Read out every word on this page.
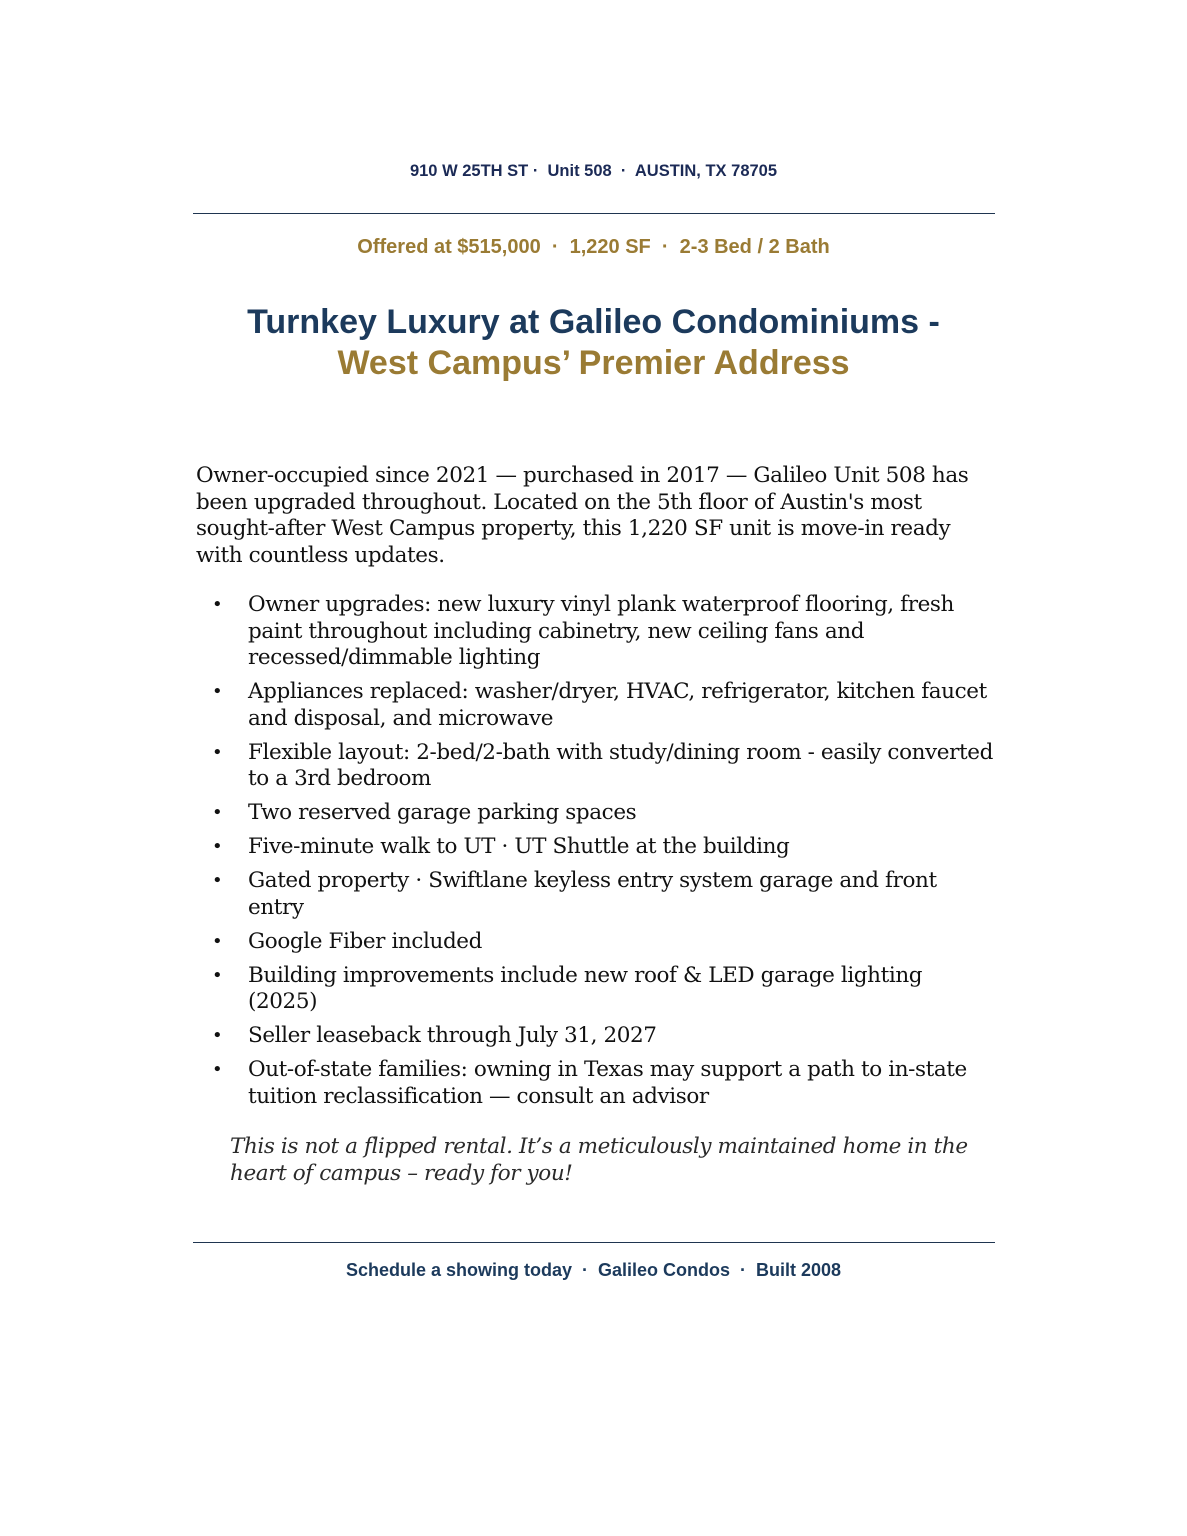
910 W 25TH ST ·  Unit 508  ·  AUSTIN, TX 78705
Offered at $515,000  ·  1,220 SF  ·  2-3 Bed / 2 Bath
Turnkey Luxury at Galileo Condominiums -
West Campus’ Premier Address
Owner-occupied since 2021 — purchased in 2017 — Galileo Unit 508 has been upgraded throughout. Located on the 5th floor of Austin's most sought-after West Campus property, this 1,220 SF unit is move-in ready with countless updates.
• Owner upgrades: new luxury vinyl plank waterproof flooring, fresh paint throughout including cabinetry, new ceiling fans and recessed/dimmable lighting
• Appliances replaced: washer/dryer, HVAC, refrigerator, kitchen faucet and disposal, and microwave
• Flexible layout: 2-bed/2-bath with study/dining room - easily converted to a 3rd bedroom
• Two reserved garage parking spaces
• Five-minute walk to UT · UT Shuttle at the building
• Gated property · Swiftlane keyless entry system garage and front entry
• Google Fiber included
• Building improvements include new roof & LED garage lighting (2025)
• Seller leaseback through July 31, 2027
• Out-of-state families: owning in Texas may support a path to in-state tuition reclassification — consult an advisor
This is not a flipped rental. It’s a meticulously maintained home in the heart of campus – ready for you!
Schedule a showing today  ·  Galileo Condos  ·  Built 2008
